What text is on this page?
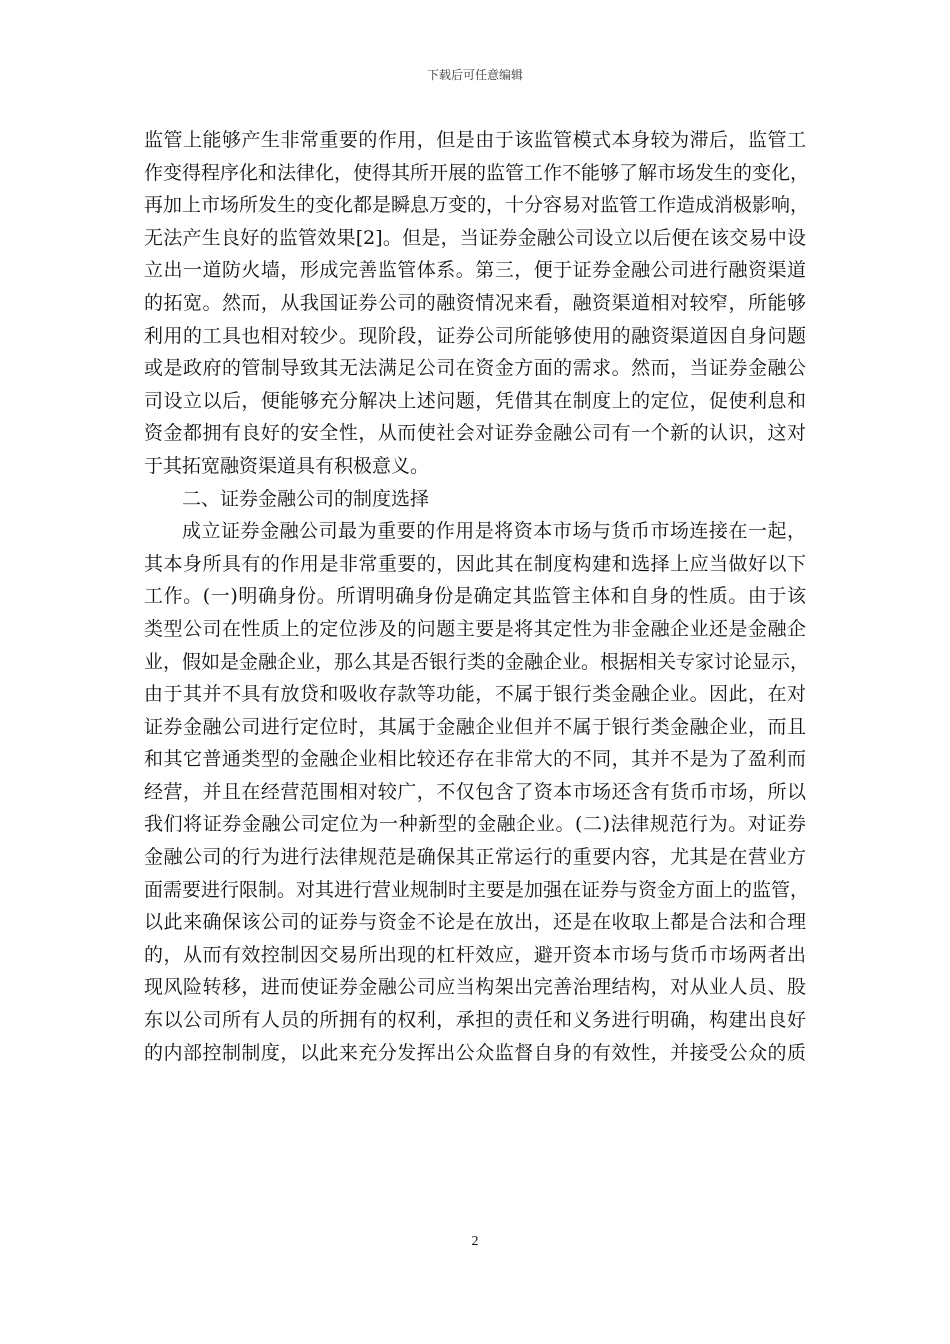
下载后可任意编辑
监管上能够产生非常重要的作用，但是由于该监管模式本身较为滞后，监管工
作变得程序化和法律化，使得其所开展的监管工作不能够了解市场发生的变化，
再加上市场所发生的变化都是瞬息万变的，十分容易对监管工作造成消极影响，
无法产生良好的监管效果[2]。但是，当证券金融公司设立以后便在该交易中设
立出一道防火墙，形成完善监管体系。第三，便于证券金融公司进行融资渠道
的拓宽。然而，从我国证券公司的融资情况来看，融资渠道相对较窄，所能够
利用的工具也相对较少。现阶段，证券公司所能够使用的融资渠道因自身问题
或是政府的管制导致其无法满足公司在资金方面的需求。然而，当证券金融公
司设立以后，便能够充分解决上述问题，凭借其在制度上的定位，促使利息和
资金都拥有良好的安全性，从而使社会对证券金融公司有一个新的认识，这对
于其拓宽融资渠道具有积极意义。
二、证券金融公司的制度选择
成立证券金融公司最为重要的作用是将资本市场与货币市场连接在一起，
其本身所具有的作用是非常重要的，因此其在制度构建和选择上应当做好以下
工作。(一)明确身份。所谓明确身份是确定其监管主体和自身的性质。由于该
类型公司在性质上的定位涉及的问题主要是将其定性为非金融企业还是金融企
业，假如是金融企业，那么其是否银行类的金融企业。根据相关专家讨论显示，
由于其并不具有放贷和吸收存款等功能，不属于银行类金融企业。因此，在对
证券金融公司进行定位时，其属于金融企业但并不属于银行类金融企业，而且
和其它普通类型的金融企业相比较还存在非常大的不同，其并不是为了盈利而
经营，并且在经营范围相对较广，不仅包含了资本市场还含有货币市场，所以
我们将证券金融公司定位为一种新型的金融企业。(二)法律规范行为。对证券
金融公司的行为进行法律规范是确保其正常运行的重要内容，尤其是在营业方
面需要进行限制。对其进行营业规制时主要是加强在证券与资金方面上的监管，
以此来确保该公司的证券与资金不论是在放出，还是在收取上都是合法和合理
的，从而有效控制因交易所出现的杠杆效应，避开资本市场与货币市场两者出
现风险转移，进而使证券金融公司应当构架出完善治理结构，对从业人员、股
东以公司所有人员的所拥有的权利，承担的责任和义务进行明确，构建出良好
的内部控制制度，以此来充分发挥出公众监督自身的有效性，并接受公众的质
2
